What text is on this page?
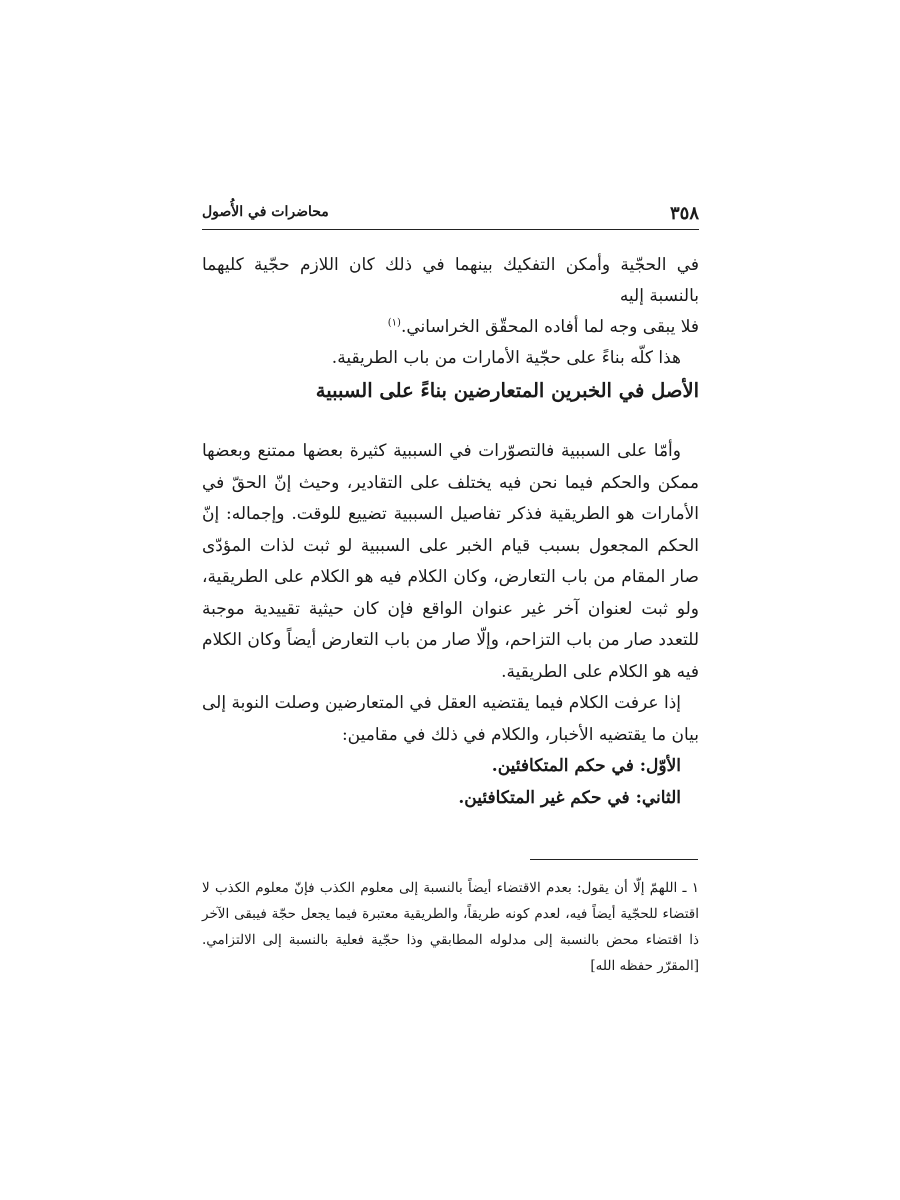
٣٥٨
محاضرات في الأُصول

في الحجّية وأمكن التفكيك بينهما في ذلك كان اللازم حجّية كليهما بالنسبة إليه

فلا يبقى وجه لما أفاده المحقّق الخراساني.$^{(١)}$

هذا كلّه بناءً على حجّية الأمارات من باب الطريقية.

الأصل في الخبرين المتعارضين بناءً على السببية

وأمّا على السببية فالتصوّرات في السببية كثيرة بعضها ممتنع وبعضها ممكن والحكم فيما نحن فيه يختلف على التقادير، وحيث إنّ الحقّ في الأمارات هو الطريقية فذكر تفاصيل السببية تضييع للوقت. وإجماله: إنّ الحكم المجعول بسبب قيام الخبر على السببية لو ثبت لذات المؤدّى صار المقام من باب التعارض، وكان الكلام فيه هو الكلام على الطريقية، ولو ثبت لعنوان آخر غير عنوان الواقع فإن كان حيثية تقييدية موجبة للتعدد صار من باب التزاحم، وإلّا صار من باب التعارض أيضاً وكان الكلام فيه هو الكلام على الطريقية.

إذا عرفت الكلام فيما يقتضيه العقل في المتعارضين وصلت النوبة إلى بيان ما يقتضيه الأخبار، والكلام في ذلك في مقامين:

الأوّل: في حكم المتكافئين.

الثاني: في حكم غير المتكافئين.

١ ـ اللهمّ إلّا أن يقول: بعدم الاقتضاء أيضاً بالنسبة إلى معلوم الكذب فإنّ معلوم الكذب لا اقتضاء للحجّية أيضاً فيه، لعدم كونه طريقاً، والطريقية معتبرة فيما يجعل حجّة فيبقى الآخر ذا اقتضاء محض بالنسبة إلى مدلوله المطابقي وذا حجّية فعلية بالنسبة إلى الالتزامي. [المقرّر حفظه الله]
